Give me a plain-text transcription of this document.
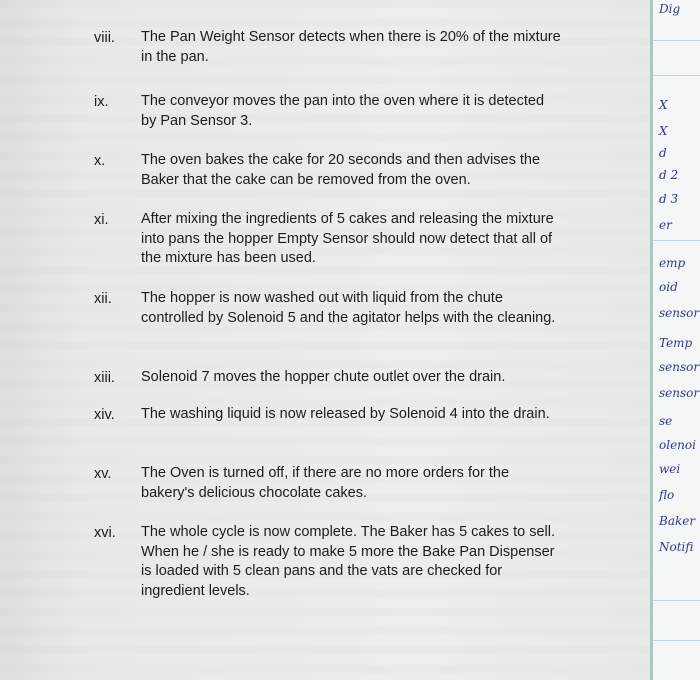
viii.	The Pan Weight Sensor detects when there is 20% of the mixture in the pan.
ix.	The conveyor moves the pan into the oven where it is detected by Pan Sensor 3.
x.	The oven bakes the cake for 20 seconds and then advises the Baker that the cake can be removed from the oven.
xi.	After mixing the ingredients of 5 cakes and releasing the mixture into pans the hopper Empty Sensor should now detect that all of the mixture has been used.
xii.	The hopper is now washed out with liquid from the chute controlled by Solenoid 5 and the agitator helps with the cleaning.
xiii.	Solenoid 7 moves the hopper chute outlet over the drain.
xiv.	The washing liquid is now released by Solenoid 4 into the drain.
xv.	The Oven is turned off, if there are no more orders for the bakery's delicious chocolate cakes.
xvi.	The whole cycle is now complete. The Baker has 5 cakes to sell. When he / she is ready to make 5 more the Bake Pan Dispenser is loaded with 5 clean pans and the vats are checked for ingredient levels.
Dig
X
X
d
d 2
d 3
er
emp
oid
sensor
Temp
sensor
sensor
se
olenoi
wei
flo
Baker
Notifi
